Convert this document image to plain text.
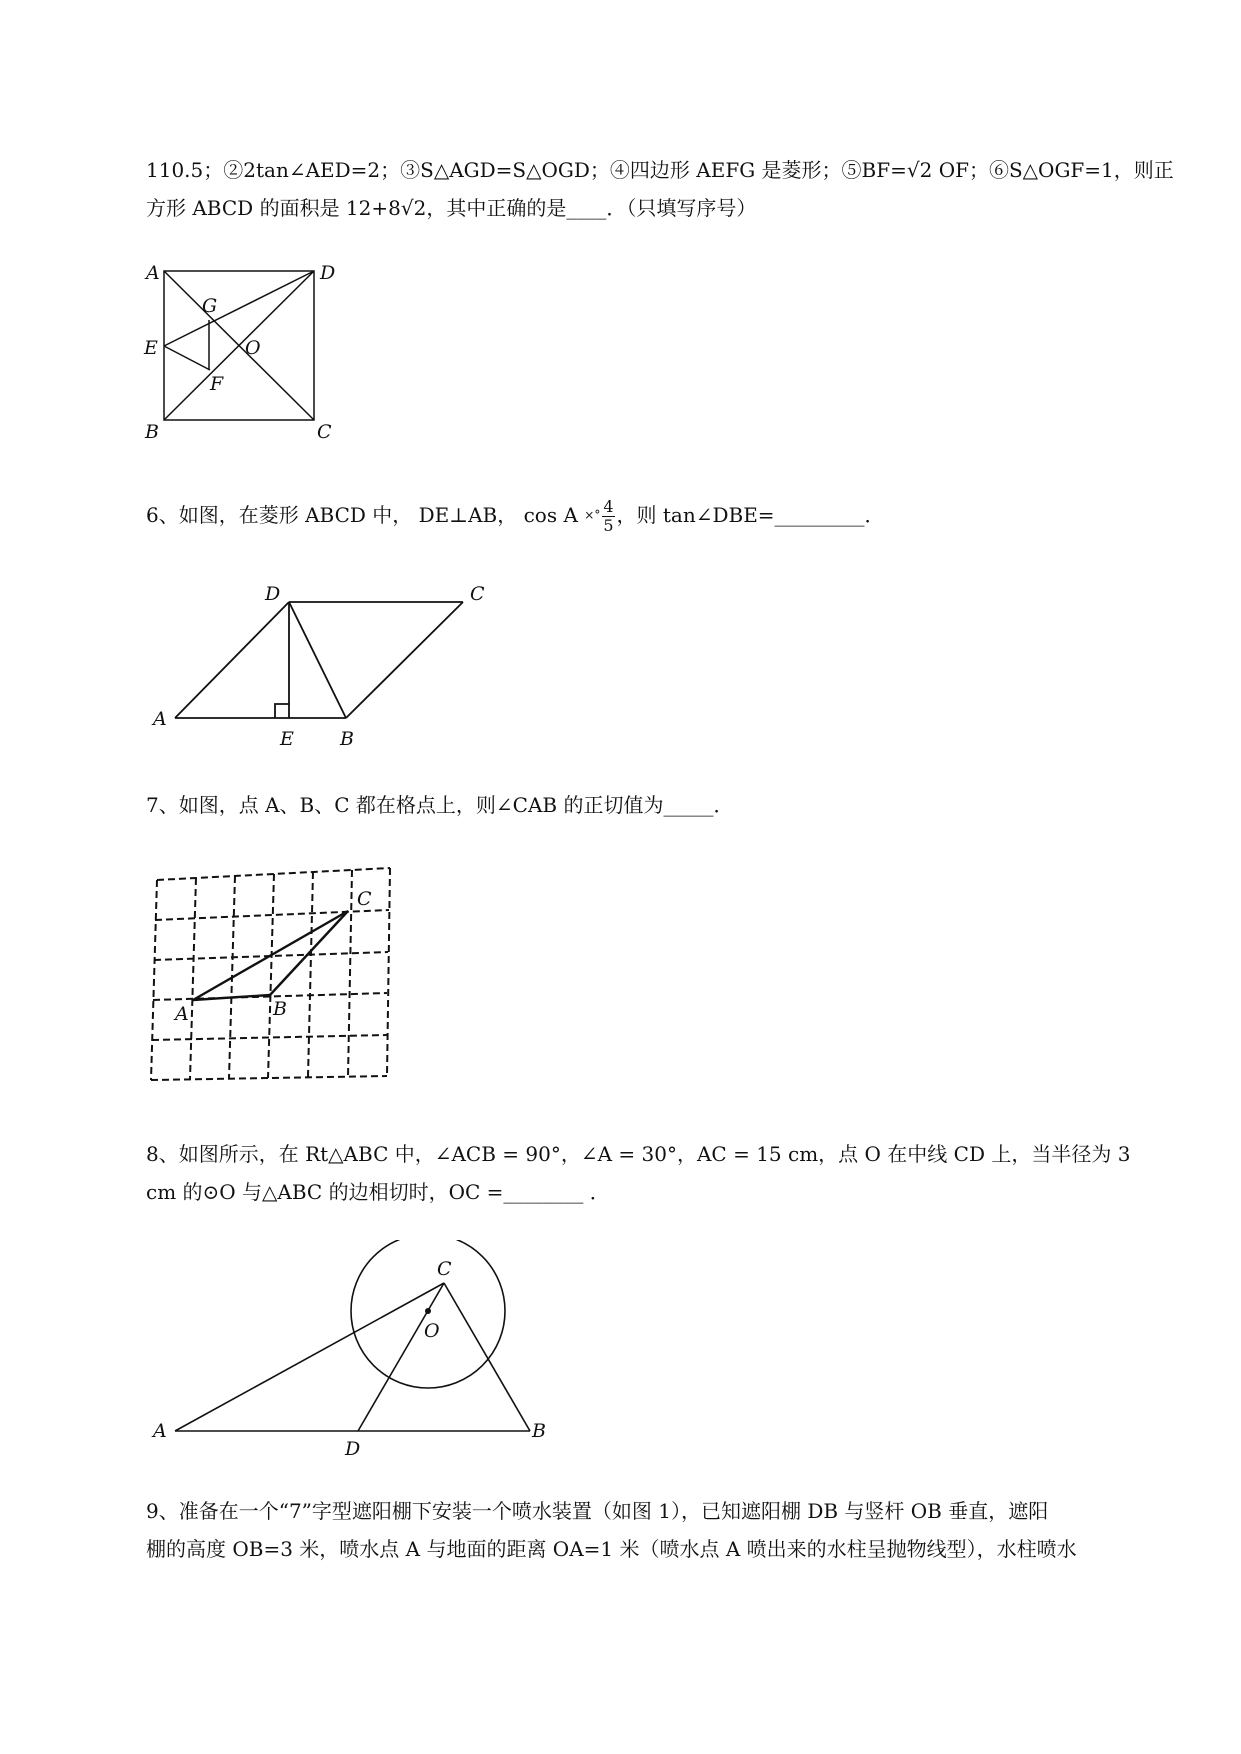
110.5；②2tan∠AED=2；③S△AGD=S△OGD；④四边形 AEFG 是菱形；⑤BF=√2 OF；⑥S△OGF=1，则正
方形 ABCD 的面积是 12+8√2，其中正确的是____．（只填写序号）
A	D
G
E	O
F
B	C
6、如图，在菱形 ABCD 中， DE⊥AB， cos A $^{\times^\circ} \frac{4}{5}$ ，则 tan∠DBE=_________．
D	C
A
E B
7、如图，点 A、B、C 都在格点上，则∠CAB 的正切值为_____．
C
A	B
8、如图所示，在 Rt△ABC 中，∠ACB = 90°，∠A = 30°，AC = 15 cm，点 O 在中线 CD 上，当半径为 3
cm 的⊙O 与△ABC 的边相切时，OC =________ ．
C
O
A
D
B
9、准备在一个“7”字型遮阳棚下安装一个喷水装置（如图 1），已知遮阳棚 DB 与竖杆 OB 垂直，遮阳
棚的高度 OB=3 米，喷水点 A 与地面的距离 OA=1 米（喷水点 A 喷出来的水柱呈抛物线型），水柱喷水
